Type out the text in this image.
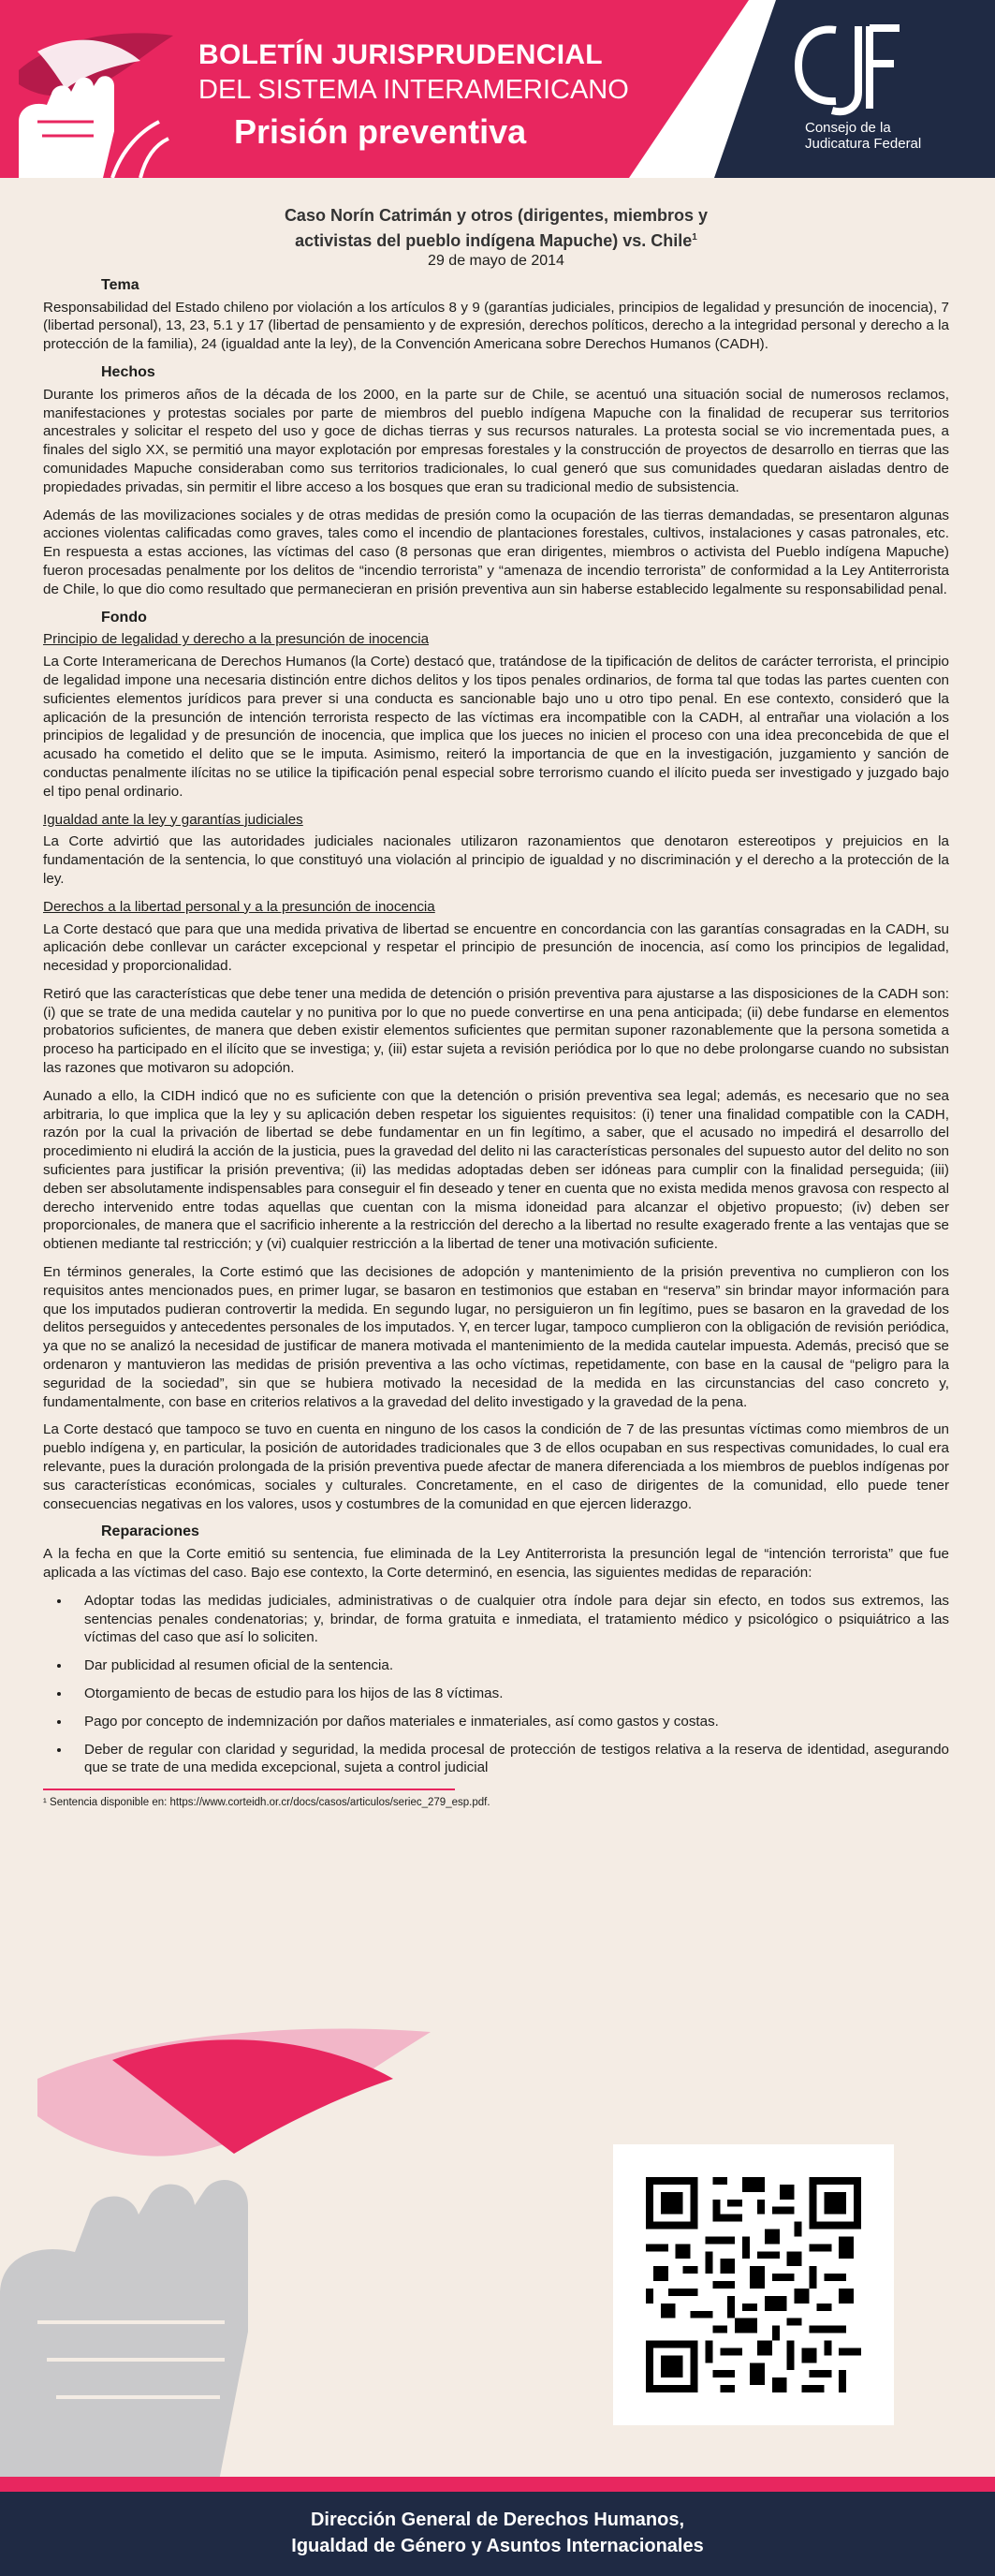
BOLETÍN JURISPRUDENCIAL
DEL SISTEMA INTERAMERICANO
Prisión preventiva	Consejo de la
Judicatura Federal

Caso Norín Catrimán y otros (dirigentes, miembros y
activistas del pueblo indígena Mapuche) vs. Chile$^1$

29 de mayo de 2014

Tema

Responsabilidad del Estado chileno por violación a los artículos 8 y 9 (garantías judiciales, principios de legalidad y presunción de inocencia), 7 (libertad personal), 13, 23, 5.1 y 17 (libertad de pensamiento y de expresión, derechos políticos, derecho a la integridad personal y derecho a la protección de la familia), 24 (igualdad ante la ley), de la Convención Americana sobre Derechos Humanos (CADH).

Hechos

Durante los primeros años de la década de los 2000, en la parte sur de Chile, se acentuó una situación social de numerosos reclamos, manifestaciones y protestas sociales por parte de miembros del pueblo indígena Mapuche con la finalidad de recuperar sus territorios ancestrales y solicitar el respeto del uso y goce de dichas tierras y sus recursos naturales. La protesta social se vio incrementada pues, a finales del siglo XX, se permitió una mayor explotación por empresas forestales y la construcción de proyectos de desarrollo en tierras que las comunidades Mapuche consideraban como sus territorios tradicionales, lo cual generó que sus comunidades quedaran aisladas dentro de propiedades privadas, sin permitir el libre acceso a los bosques que eran su tradicional medio de subsistencia.

Además de las movilizaciones sociales y de otras medidas de presión como la ocupación de las tierras demandadas, se presentaron algunas acciones violentas calificadas como graves, tales como el incendio de plantaciones forestales, cultivos, instalaciones y casas patronales, etc. En respuesta a estas acciones, las víctimas del caso (8 personas que eran dirigentes, miembros o activista del Pueblo indígena Mapuche) fueron procesadas penalmente por los delitos de “incendio terrorista” y “amenaza de incendio terrorista” de conformidad a la Ley Antiterrorista de Chile, lo que dio como resultado que permanecieran en prisión preventiva aun sin haberse establecido legalmente su responsabilidad penal.

Fondo
Principio de legalidad y derecho a la presunción de inocencia

La Corte Interamericana de Derechos Humanos (la Corte) destacó que, tratándose de la tipificación de delitos de carácter terrorista, el principio de legalidad impone una necesaria distinción entre dichos delitos y los tipos penales ordinarios, de forma tal que todas las partes cuenten con suficientes elementos jurídicos para prever si una conducta es sancionable bajo uno u otro tipo penal. En ese contexto, consideró que la aplicación de la presunción de intención terrorista respecto de las víctimas era incompatible con la CADH, al entrañar una violación a los principios de legalidad y de presunción de inocencia, que implica que los jueces no inicien el proceso con una idea preconcebida de que el acusado ha cometido el delito que se le imputa. Asimismo, reiteró la importancia de que en la investigación, juzgamiento y sanción de conductas penalmente ilícitas no se utilice la tipificación penal especial sobre terrorismo cuando el ilícito pueda ser investigado y juzgado bajo el tipo penal ordinario.

Igualdad ante la ley y garantías judiciales

La Corte advirtió que las autoridades judiciales nacionales utilizaron razonamientos que denotaron estereotipos y prejuicios en la fundamentación de la sentencia, lo que constituyó una violación al principio de igualdad y no discriminación y el derecho a la protección de la ley.

Derechos a la libertad personal y a la presunción de inocencia

La Corte destacó que para que una medida privativa de libertad se encuentre en concordancia con las garantías consagradas en la CADH, su aplicación debe conllevar un carácter excepcional y respetar el principio de presunción de inocencia, así como los principios de legalidad, necesidad y proporcionalidad.

Retiró que las características que debe tener una medida de detención o prisión preventiva para ajustarse a las disposiciones de la CADH son: (i) que se trate de una medida cautelar y no punitiva por lo que no puede convertirse en una pena anticipada; (ii) debe fundarse en elementos probatorios suficientes, de manera que deben existir elementos suficientes que permitan suponer razonablemente que la persona sometida a proceso ha participado en el ilícito que se investiga; y, (iii) estar sujeta a revisión periódica por lo que no debe prolongarse cuando no subsistan las razones que motivaron su adopción.

Aunado a ello, la CIDH indicó que no es suficiente con que la detención o prisión preventiva sea legal; además, es necesario que no sea arbitraria, lo que implica que la ley y su aplicación deben respetar los siguientes requisitos: (i) tener una finalidad compatible con la CADH, razón por la cual la privación de libertad se debe fundamentar en un fin legítimo, a saber, que el acusado no impedirá el desarrollo del procedimiento ni eludirá la acción de la justicia, pues la gravedad del delito ni las características personales del supuesto autor del delito no son suficientes para justificar la prisión preventiva; (ii) las medidas adoptadas deben ser idóneas para cumplir con la finalidad perseguida; (iii) deben ser absolutamente indispensables para conseguir el fin deseado y tener en cuenta que no exista medida menos gravosa con respecto al derecho intervenido entre todas aquellas que cuentan con la misma idoneidad para alcanzar el objetivo propuesto; (iv) deben ser proporcionales, de manera que el sacrificio inherente a la restricción del derecho a la libertad no resulte exagerado frente a las ventajas que se obtienen mediante tal restricción; y (vi) cualquier restricción a la libertad de tener una motivación suficiente.

En términos generales, la Corte estimó que las decisiones de adopción y mantenimiento de la prisión preventiva no cumplieron con los requisitos antes mencionados pues, en primer lugar, se basaron en testimonios que estaban en “reserva” sin brindar mayor información para que los imputados pudieran controvertir la medida. En segundo lugar, no persiguieron un fin legítimo, pues se basaron en la gravedad de los delitos perseguidos y antecedentes personales de los imputados. Y, en tercer lugar, tampoco cumplieron con la obligación de revisión periódica, ya que no se analizó la necesidad de justificar de manera motivada el mantenimiento de la medida cautelar impuesta. Además, precisó que se ordenaron y mantuvieron las medidas de prisión preventiva a las ocho víctimas, repetidamente, con base en la causal de “peligro para la seguridad de la sociedad”, sin que se hubiera motivado la necesidad de la medida en las circunstancias del caso concreto y, fundamentalmente, con base en criterios relativos a la gravedad del delito investigado y la gravedad de la pena.

La Corte destacó que tampoco se tuvo en cuenta en ninguno de los casos la condición de 7 de las presuntas víctimas como miembros de un pueblo indígena y, en particular, la posición de autoridades tradicionales que 3 de ellos ocupaban en sus respectivas comunidades, lo cual era relevante, pues la duración prolongada de la prisión preventiva puede afectar de manera diferenciada a los miembros de pueblos indígenas por sus características económicas, sociales y culturales. Concretamente, en el caso de dirigentes de la comunidad, ello puede tener consecuencias negativas en los valores, usos y costumbres de la comunidad en que ejercen liderazgo.

Reparaciones

A la fecha en que la Corte emitió su sentencia, fue eliminada de la Ley Antiterrorista la presunción legal de “intención terrorista” que fue aplicada a las víctimas del caso. Bajo ese contexto, la Corte determinó, en esencia, las siguientes medidas de reparación:

• Adoptar todas las medidas judiciales, administrativas o de cualquier otra índole para dejar sin efecto, en todos sus extremos, las sentencias penales condenatorias; y, brindar, de forma gratuita e inmediata, el tratamiento médico y psicológico o psiquiátrico a las víctimas del caso que así lo soliciten.
• Dar publicidad al resumen oficial de la sentencia.
• Otorgamiento de becas de estudio para los hijos de las 8 víctimas.
• Pago por concepto de indemnización por daños materiales e inmateriales, así como gastos y costas.
• Deber de regular con claridad y seguridad, la medida procesal de protección de testigos relativa a la reserva de identidad, asegurando que se trate de una medida excepcional, sujeta a control judicial
¹ Sentencia disponible en: https://www.corteidh.or.cr/docs/casos/articulos/seriec_279_esp.pdf.
Dirección General de Derechos Humanos,
Igualdad de Género y Asuntos Internacionales
